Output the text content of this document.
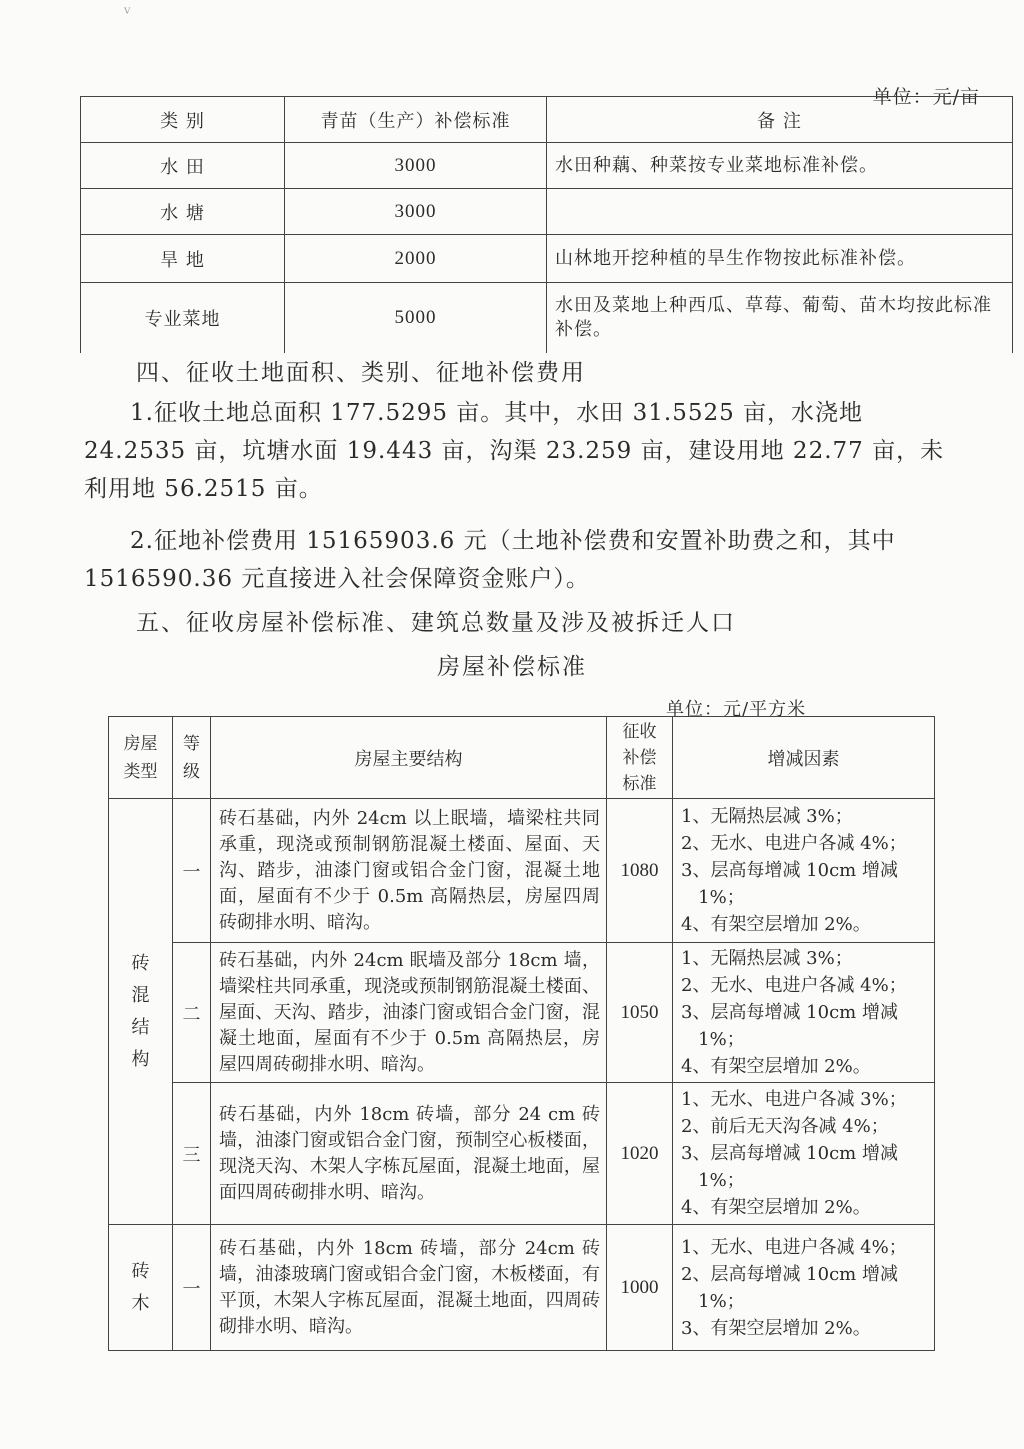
ⱽ
单位：元/亩
类 别	青苗（生产）补偿标准	备 注
水 田	3000	水田种藕、种菜按专业菜地标准补偿。
水 塘	3000	
旱 地	2000	山林地开挖种植的旱生作物按此标准补偿。
专业菜地	5000	水田及菜地上种西瓜、草莓、葡萄、苗木均按此标准补偿。
四、征收土地面积、类别、征地补偿费用
1.征收土地总面积 177.5295 亩。其中，水田 31.5525 亩，水浇地 24.2535 亩，坑塘水面 19.443 亩，沟渠 23.259 亩，建设用地 22.77 亩，未利用地 56.2515 亩。
2.征地补偿费用 15165903.6 元（土地补偿费和安置补助费之和，其中 1516590.36 元直接进入社会保障资金账户）。
五、征收房屋补偿标准、建筑总数量及涉及被拆迁人口
房屋补偿标准
单位：元/平方米
房屋类型	等级	房屋主要结构	征收补偿标准	增减因素
砖混结构	一	砖石基础，内外 24cm 以上眠墙，墙梁柱共同承重，现浇或预制钢筋混凝土楼面、屋面、天沟、踏步，油漆门窗或铝合金门窗，混凝土地面，屋面有不少于 0.5m 高隔热层，房屋四周砖砌排水明、暗沟。	1080	1、无隔热层减 3%；
2、无水、电进户各减 4%；
3、层高每增减 10cm 增减
1%；
4、有架空层增加 2%。

	二	砖石基础，内外 24cm 眠墙及部分 18cm 墙，墙梁柱共同承重，现浇或预制钢筋混凝土楼面、屋面、天沟、踏步，油漆门窗或铝合金门窗，混凝土地面，屋面有不少于 0.5m 高隔热层，房屋四周砖砌排水明、暗沟。	1050	1、无隔热层减 3%；
2、无水、电进户各减 4%；
3、层高每增减 10cm 增减
1%；
4、有架空层增加 2%。

	三	砖石基础，内外 18cm 砖墙，部分 24 cm 砖墙，油漆门窗或铝合金门窗，预制空心板楼面，现浇天沟、木架人字栋瓦屋面，混凝土地面，屋面四周砖砌排水明、暗沟。	1020	1、无水、电进户各减 3%；
2、前后无天沟各减 4%；
3、层高每增减 10cm 增减
1%；
4、有架空层增加 2%。

砖木	一	砖石基础，内外 18cm 砖墙，部分 24cm 砖墙，油漆玻璃门窗或铝合金门窗，木板楼面，有平顶，木架人字栋瓦屋面，混凝土地面，四周砖砌排水明、暗沟。	1000	1、无水、电进户各减 4%；
2、层高每增减 10cm 增减
1%；
3、有架空层增加 2%。
